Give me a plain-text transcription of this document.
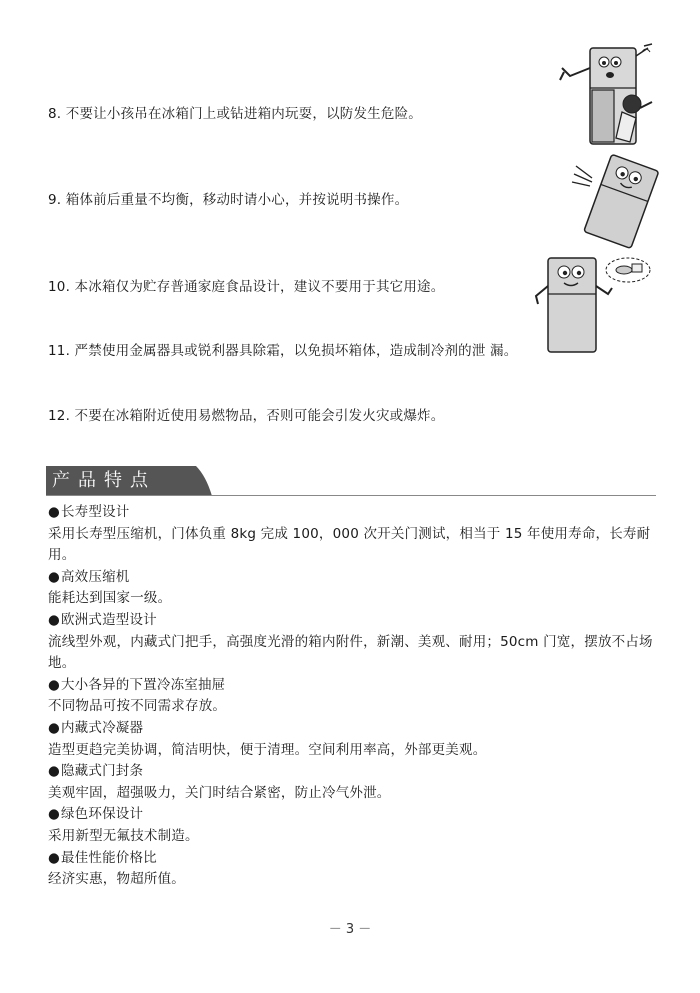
8. 不要让小孩吊在冰箱门上或钻进箱内玩耍，以防发生危险。
9. 箱体前后重量不均衡，移动时请小心，并按说明书操作。
10. 本冰箱仅为贮存普通家庭食品设计，建议不要用于其它用途。
11. 严禁使用金属器具或锐利器具除霜，以免损坏箱体，造成制冷剂的泄 漏。
12. 不要在冰箱附近使用易燃物品，否则可能会引发火灾或爆炸。
产品特点
● 长寿型设计
采用长寿型压缩机，门体负重 8kg 完成 100，000 次开关门测试，相当于 15 年使用寿命，长寿耐用。
● 高效压缩机
能耗达到国家一级。
● 欧洲式造型设计
流线型外观，内藏式门把手，高强度光滑的箱内附件，新潮、美观、耐用；50cm 门宽，摆放不占场地。
● 大小各异的下置冷冻室抽屉
不同物品可按不同需求存放。
● 内藏式冷凝器
造型更趋完美协调，简洁明快，便于清理。空间利用率高，外部更美观。
● 隐藏式门封条
美观牢固，超强吸力，关门时结合紧密，防止冷气外泄。
● 绿色环保设计
采用新型无氟技术制造。
● 最佳性能价格比
经济实惠，物超所值。
－ 3 －
